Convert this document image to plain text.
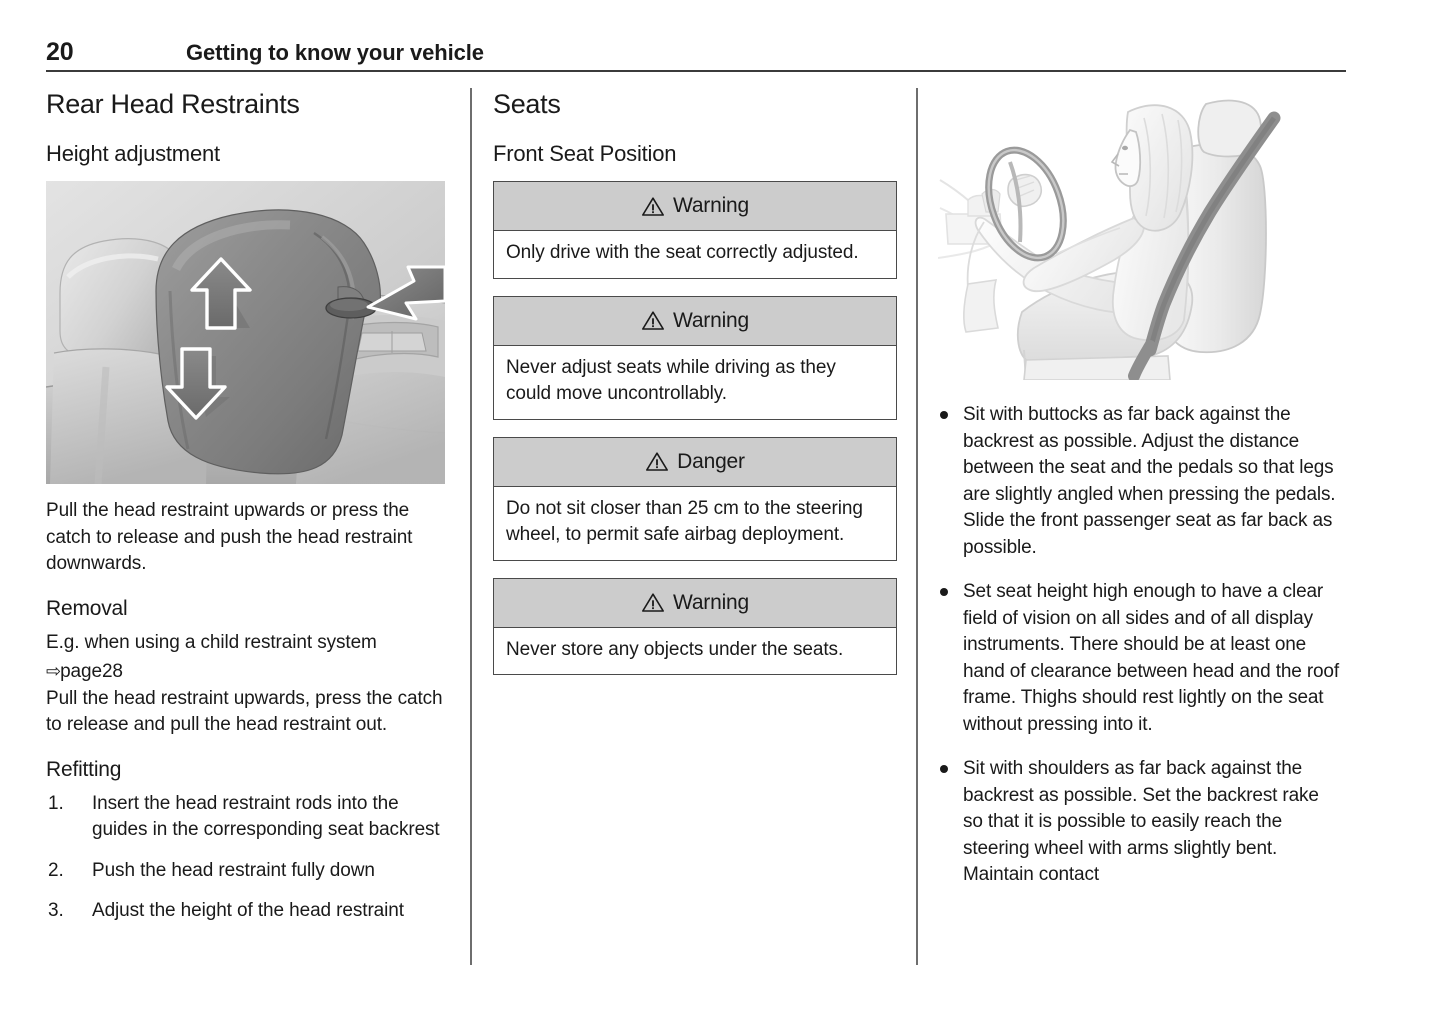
20	Getting to know your vehicle
Rear Head Restraints
Height adjustment

Pull the head restraint upwards or press the catch to release and push the head restraint downwards.

Removal

E.g. when using a child restraint system

⇨page28

Pull the head restraint upwards, press the catch to release and pull the head restraint out.

Refitting
1.	Insert the head restraint rods into the guides in the corresponding seat backrest
2.	Push the head restraint fully down
3.	Adjust the height of the head restraint
Seats
Front Seat Position
Warning

Only drive with the seat correctly adjusted.

Warning

Never adjust seats while driving as they could move uncontrollably.

Danger

Do not sit closer than 25 cm to the steering wheel, to permit safe airbag deployment.

Warning

Never store any objects under the seats.

Sit with buttocks as far back against the backrest as possible. Adjust the distance between the seat and the pedals so that legs are slightly angled when pressing the pedals. Slide the front passenger seat as far back as possible.
Set seat height high enough to have a clear field of vision on all sides and of all display instruments. There should be at least one hand of clearance between head and the roof frame. Thighs should rest lightly on the seat without pressing into it.
Sit with shoulders as far back against the backrest as possible. Set the backrest rake so that it is possible to easily reach the steering wheel with arms slightly bent. Maintain contact
